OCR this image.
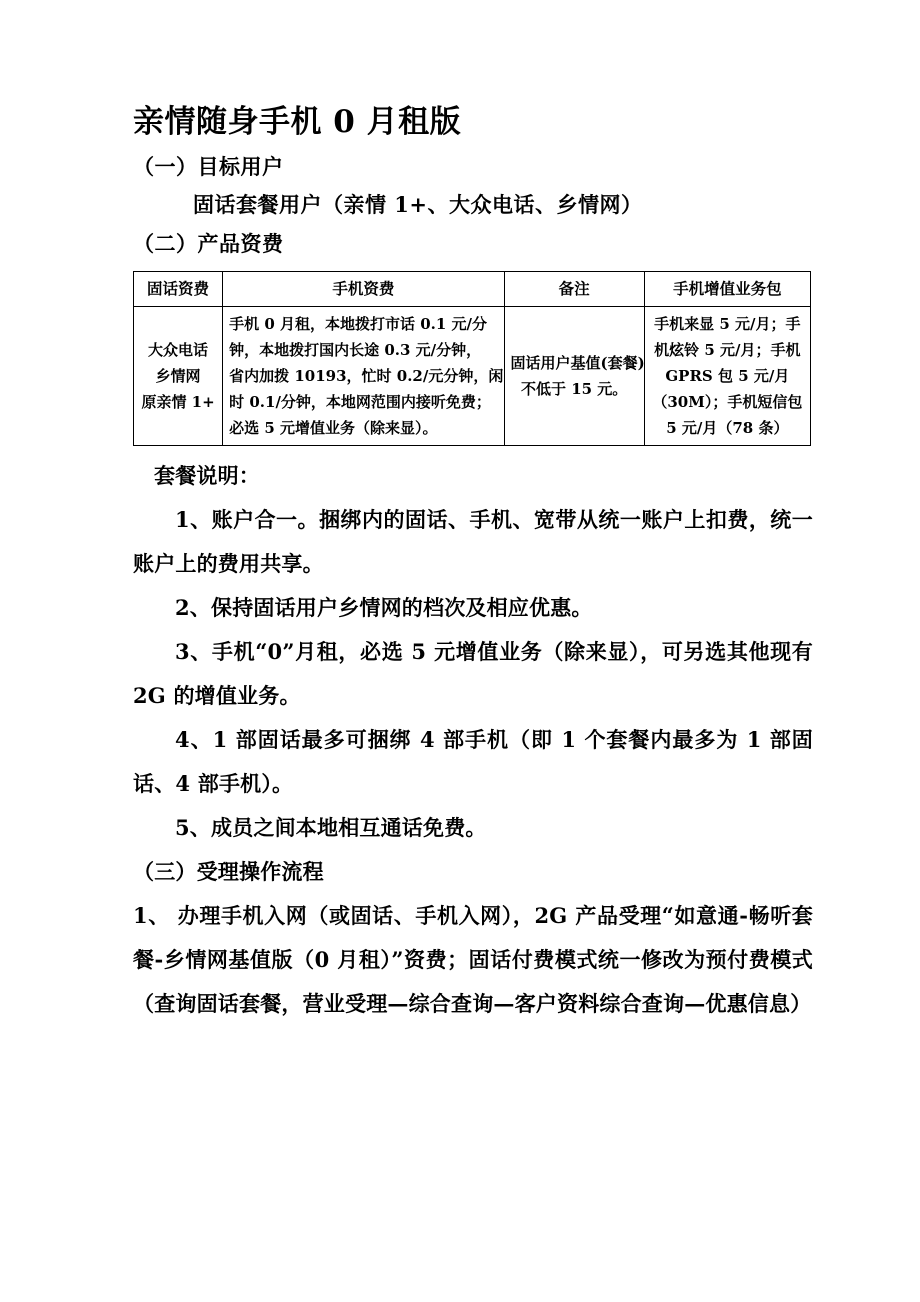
亲情随身手机 0 月租版

（一）目标用户

固话套餐用户（亲情 1+、大众电话、乡情网）

（二）产品资费

固话资费	手机资费	备注	手机增值业务包

大众电话
乡情网
原亲情 1+	手机 0 月租，本地拨打市话 0.1 元/分
钟，本地拨打国内长途 0.3 元/分钟，
省内加拨 10193，忙时 0.2/元分钟，闲
时 0.1/分钟，本地网范围内接听免费；
必选 5 元增值业务（除来显）。	固话用户基值(套餐)
不低于 15 元。	手机来显 5 元/月；手
机炫铃 5 元/月；手机
GPRS 包 5 元/月
（30M）；手机短信包
5 元/月（78 条）

套餐说明：

1、账户合一。捆绑内的固话、手机、宽带从统一账户上扣费，统一账户上的费用共享。

2、保持固话用户乡情网的档次及相应优惠。

3、手机“0”月租，必选 5 元增值业务（除来显），可另选其他现有 2G 的增值业务。

4、1 部固话最多可捆绑 4 部手机（即 1 个套餐内最多为 1 部固话、4 部手机）。

5、成员之间本地相互通话免费。

（三）受理操作流程

1、 办理手机入网（或固话、手机入网），2G 产品受理“如意通-畅听套餐-乡情网基值版（0 月租）”资费；固话付费模式统一修改为预付费模式（查询固话套餐，营业受理—综合查询—客户资料综合查询—优惠信息）
